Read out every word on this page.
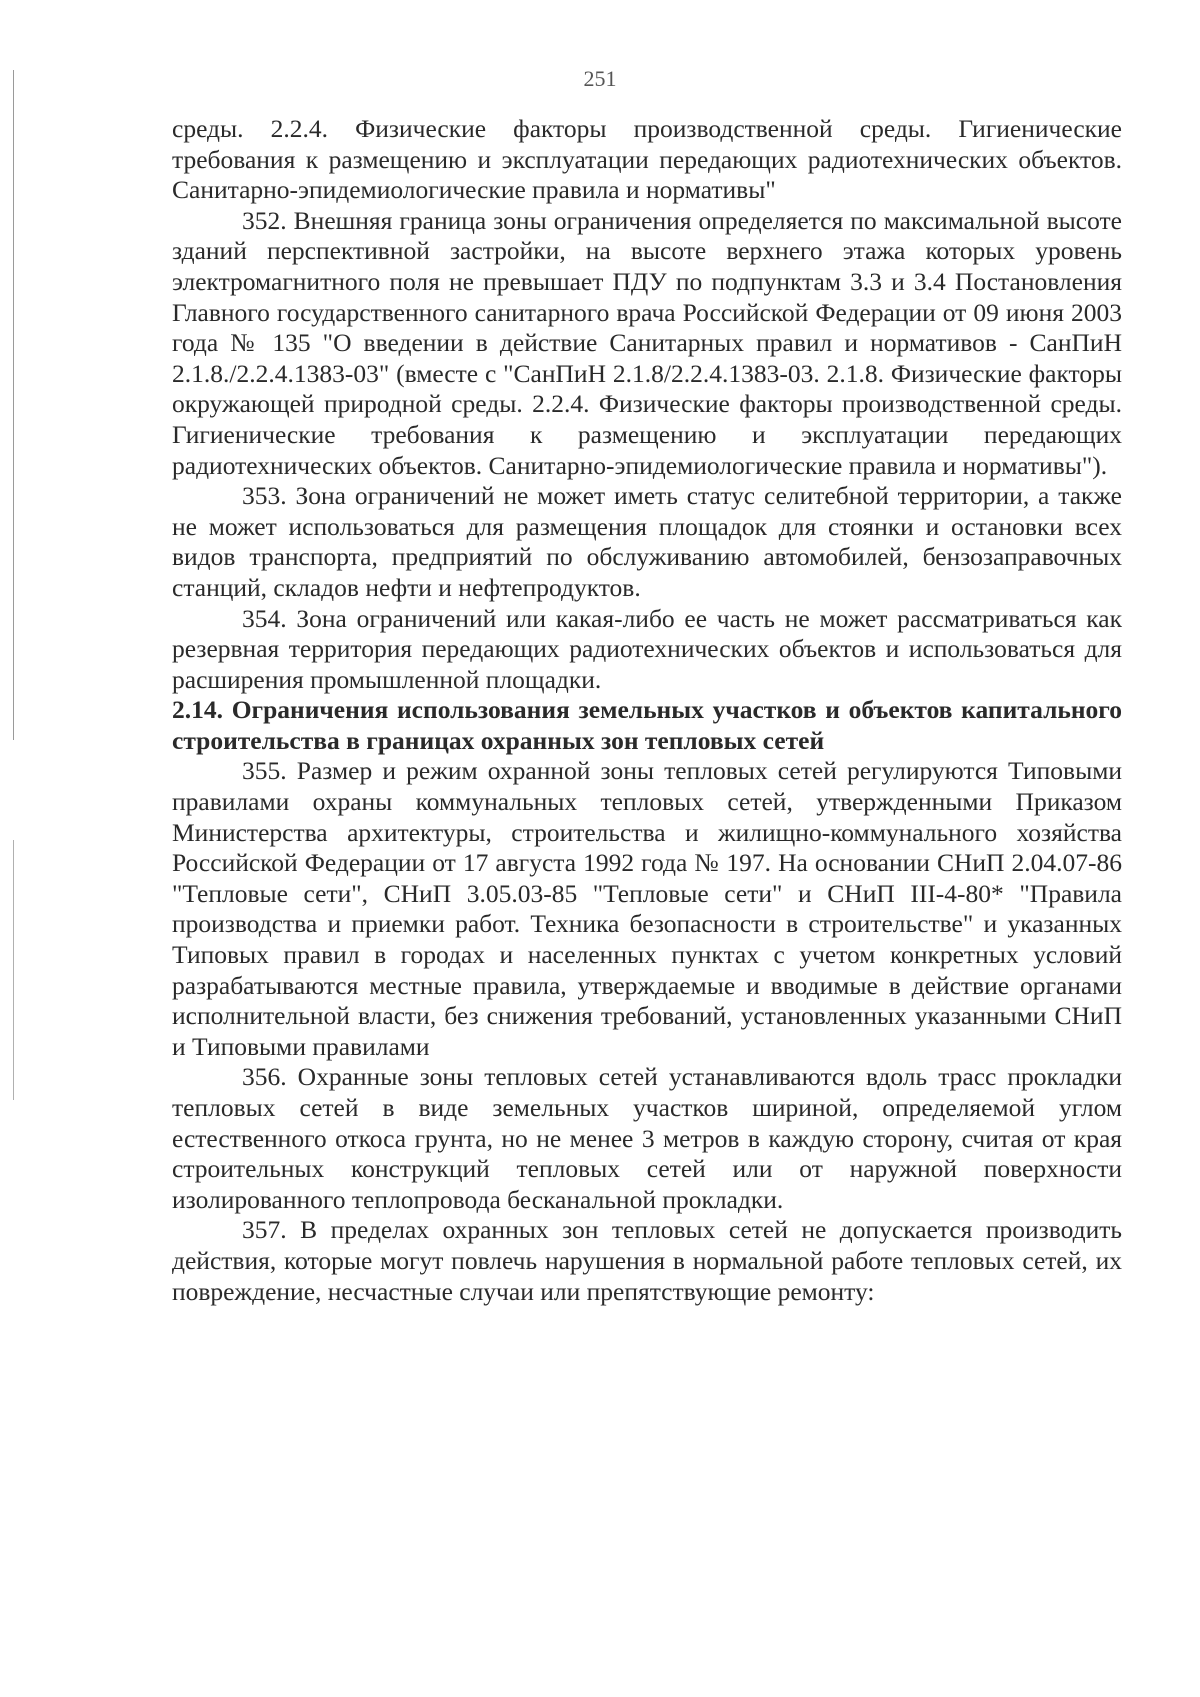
251

среды. 2.2.4. Физические факторы производственной среды. Гигиенические требования к размещению и эксплуатации передающих радиотехнических объектов. Санитарно-эпидемиологические правила и нормативы"

352. Внешняя граница зоны ограничения определяется по максимальной высоте зданий перспективной застройки, на высоте верхнего этажа которых уровень электромагнитного поля не превышает ПДУ по подпунктам 3.3 и 3.4 Постановления Главного государственного санитарного врача Российской Федерации от 09 июня 2003 года № 135 "О введении в действие Санитарных правил и нормативов - СанПиН 2.1.8./2.2.4.1383-03" (вместе с "СанПиН 2.1.8/2.2.4.1383-03. 2.1.8. Физические факторы окружающей природной среды. 2.2.4. Физические факторы производственной среды. Гигиенические требования к размещению и эксплуатации передающих радиотехнических объектов. Санитарно-эпидемиологические правила и нормативы").

353. Зона ограничений не может иметь статус селитебной территории, а также не может использоваться для размещения площадок для стоянки и остановки всех видов транспорта, предприятий по обслуживанию автомобилей, бензозаправочных станций, складов нефти и нефтепродуктов.

354. Зона ограничений или какая-либо ее часть не может рассматриваться как резервная территория передающих радиотехнических объектов и использоваться для расширения промышленной площадки.

2.14. Ограничения использования земельных участков и объектов капитального строительства в границах охранных зон тепловых сетей

355. Размер и режим охранной зоны тепловых сетей регулируются Типовыми правилами охраны коммунальных тепловых сетей, утвержденными Приказом Министерства архитектуры, строительства и жилищно-коммунального хозяйства Российской Федерации от 17 августа 1992 года № 197. На основании СНиП 2.04.07-86 "Тепловые сети", СНиП 3.05.03-85 "Тепловые сети" и СНиП III-4-80* "Правила производства и приемки работ. Техника безопасности в строительстве" и указанных Типовых правил в городах и населенных пунктах с учетом конкретных условий разрабатываются местные правила, утверждаемые и вводимые в действие органами исполнительной власти, без снижения требований, установленных указанными СНиП и Типовыми правилами

356. Охранные зоны тепловых сетей устанавливаются вдоль трасс прокладки тепловых сетей в виде земельных участков шириной, определяемой углом естественного откоса грунта, но не менее 3 метров в каждую сторону, считая от края строительных конструкций тепловых сетей или от наружной поверхности изолированного теплопровода бесканальной прокладки.

357. В пределах охранных зон тепловых сетей не допускается производить действия, которые могут повлечь нарушения в нормальной работе тепловых сетей, их повреждение, несчастные случаи или препятствующие ремонту:
